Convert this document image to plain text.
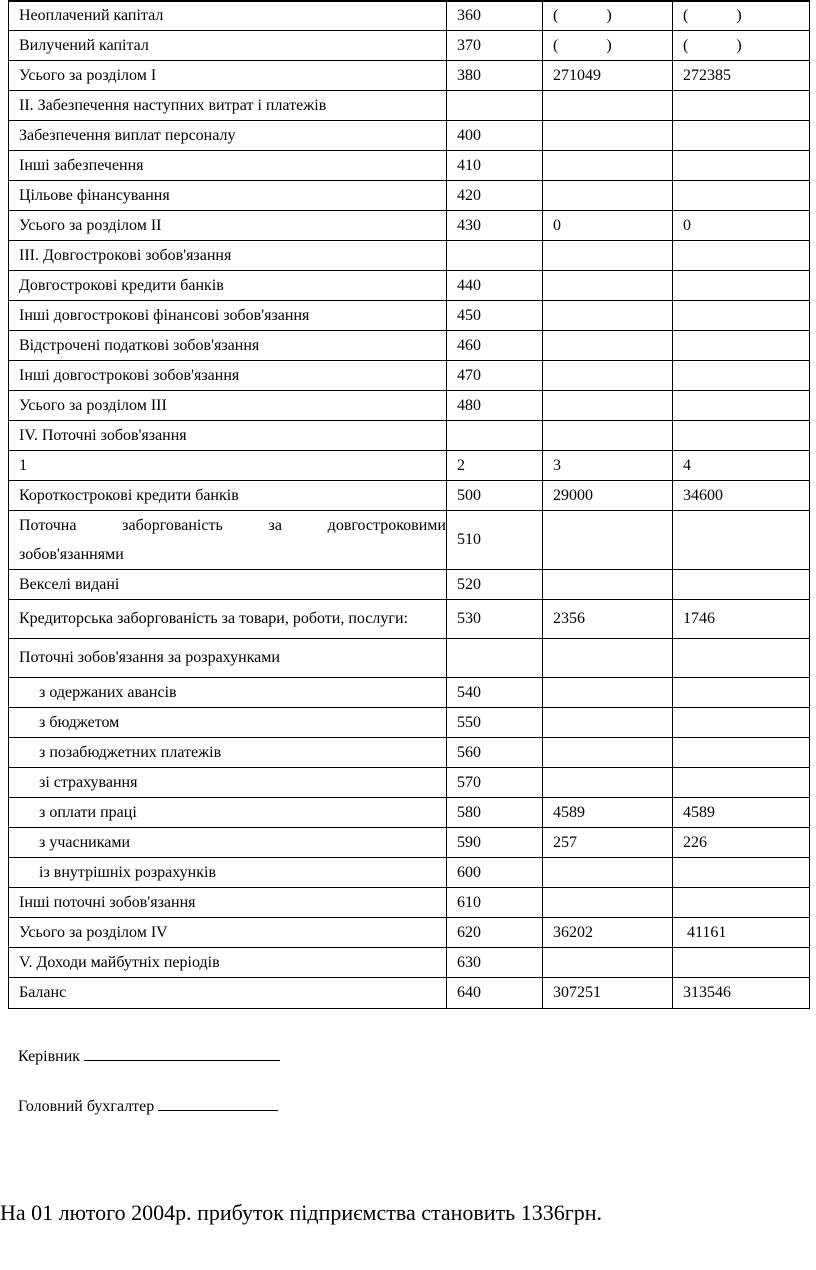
Неоплачений капітал	360	(            )	(            )
Вилучений капітал	370	(            )	(            )
Усього за розділом I	380	271049	272385
II. Забезпечення наступних витрат і платежів			
Забезпечення виплат персоналу	400		
Інші забезпечення	410		
Цільове фінансування	420		
Усього за розділом II	430	0	0
III. Довгострокові зобов'язання			
Довгострокові кредити банків	440		
Інші довгострокові фінансові зобов'язання	450		
Відстрочені податкові зобов'язання	460		
Інші довгострокові зобов'язання	470		
Усього за розділом III	480		
IV. Поточні зобов'язання			
1	2	3	4
Короткострокові кредити банків	500	29000	34600

Поточна заборгованість за довгостроковими
зобов'язаннями	510		
Векселі видані	520		
Кредиторська заборгованість за товари, роботи, послуги:	530	2356	1746
Поточні зобов'язання за розрахунками			
з одержаних авансів	540		
з бюджетом	550		
з позабюджетних платежів	560		
зі страхування	570		
з оплати праці	580	4589	4589
з учасниками	590	257	226
із внутрішніх розрахунків	600		
Інші поточні зобов'язання	610		
Усього за розділом IV	620	36202	41161
V. Доходи майбутніх періодів	630		
Баланс	640	307251	313546
Керівник
Головний бухгалтер
На 01 лютого 2004р. прибуток підприємства становить 1336грн.
